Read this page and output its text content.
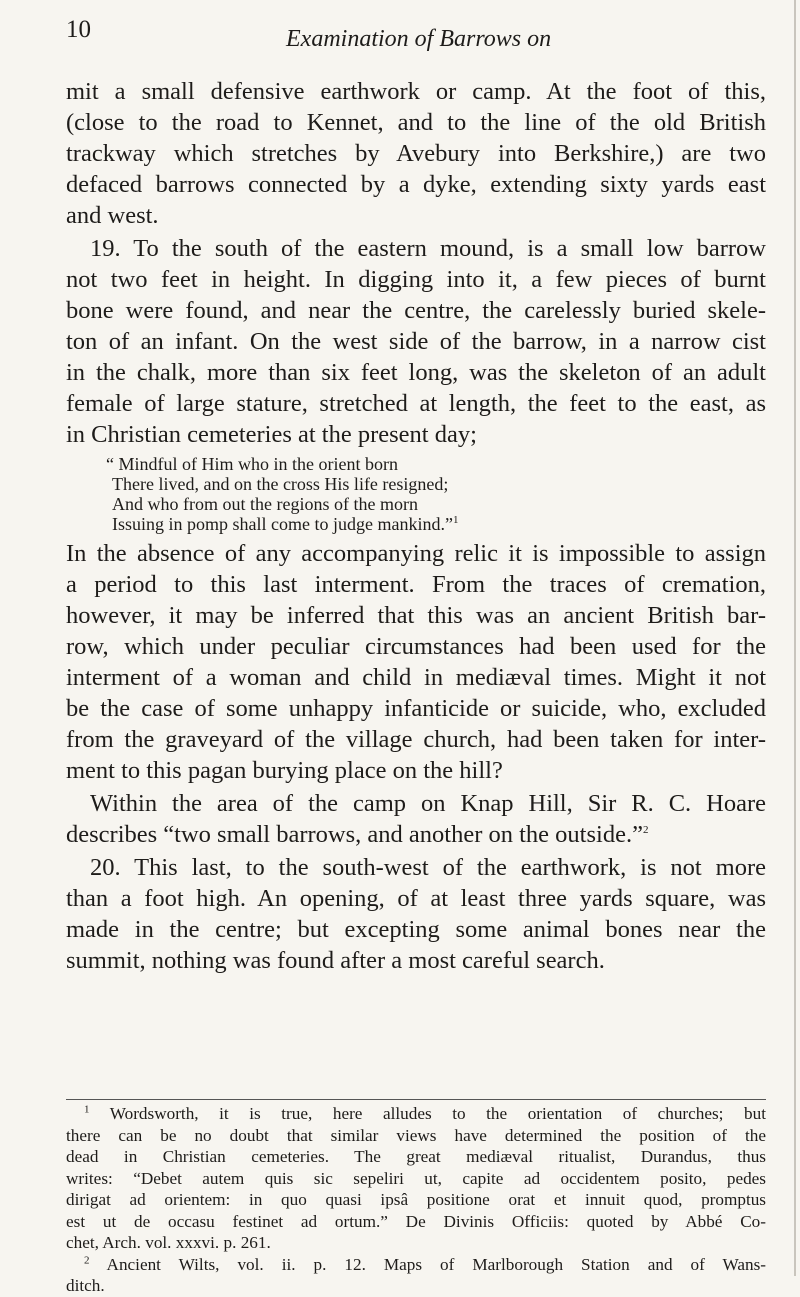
10	Examination of Barrows on
mit a small defensive earthwork or camp. At the foot of this,
(close to the road to Kennet, and to the line of the old British
trackway which stretches by Avebury into Berkshire,) are two
defaced barrows connected by a dyke, extending sixty yards east
and west.
19. To the south of the eastern mound, is a small low barrow
not two feet in height. In digging into it, a few pieces of burnt
bone were found, and near the centre, the carelessly buried skele-
ton of an infant. On the west side of the barrow, in a narrow cist
in the chalk, more than six feet long, was the skeleton of an adult
female of large stature, stretched at length, the feet to the east, as
in Christian cemeteries at the present day;
“ Mindful of Him who in the orient born
There lived, and on the cross His life resigned;
And who from out the regions of the morn
Issuing in pomp shall come to judge mankind.”$^1$
In the absence of any accompanying relic it is impossible to assign
a period to this last interment. From the traces of cremation,
however, it may be inferred that this was an ancient British bar-
row, which under peculiar circumstances had been used for the
interment of a woman and child in mediæval times. Might it not
be the case of some unhappy infanticide or suicide, who, excluded
from the graveyard of the village church, had been taken for inter-
ment to this pagan burying place on the hill?
Within the area of the camp on Knap Hill, Sir R. C. Hoare
describes “two small barrows, and another on the outside.”$^2$
20. This last, to the south-west of the earthwork, is not more
than a foot high. An opening, of at least three yards square, was
made in the centre; but excepting some animal bones near the
summit, nothing was found after a most careful search.
$^1$ Wordsworth, it is true, here alludes to the orientation of churches; but
there can be no doubt that similar views have determined the position of the
dead in Christian cemeteries. The great mediæval ritualist, Durandus, thus
writes: “Debet autem quis sic sepeliri ut, capite ad occidentem posito, pedes
dirigat ad orientem: in quo quasi ipsâ positione orat et innuit quod, promptus
est ut de occasu festinet ad ortum.” De Divinis Officiis: quoted by Abbé Co-
chet, Arch. vol. xxxvi. p. 261.
$^2$ Ancient Wilts, vol. ii. p. 12. Maps of Marlborough Station and of Wans-
ditch.
